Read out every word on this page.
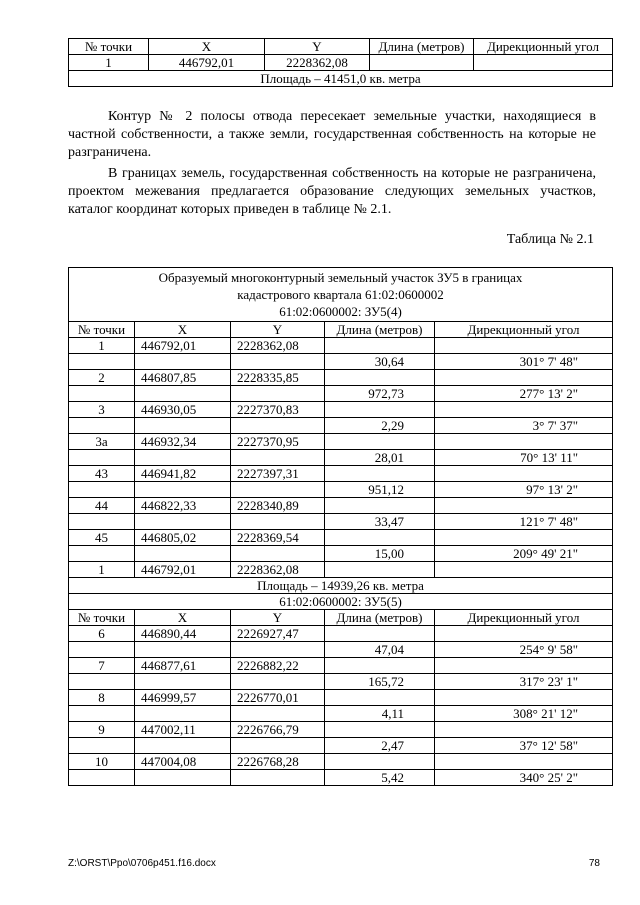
№ точки	X	Y	Длина (метров)	Дирекционный угол
1	446792,01	2228362,08		
Площадь – 41451,0 кв. метра				

Контур № 2 полосы отвода пересекает земельные участки, находящиеся в частной собственности, а также земли, государственная собственность на которые не разграничена.

В границах земель, государственная собственность на которые не разграничена, проектом межевания предлагается образование следующих земельных участков, каталог координат которых приведен в таблице № 2.1.

Таблица № 2.1

Образуемый многоконтурный земельный участок ЗУ5 в границах
кадастрового квартала 61:02:0600002
61:02:0600002: ЗУ5(4)				

№ точки	X	Y	Длина (метров)	Дирекционный угол
1	446792,01	2228362,08		
			30,64	301° 7' 48"
2	446807,85	2228335,85		
			972,73	277° 13' 2"
3	446930,05	2227370,83		
			2,29	3° 7' 37"
3а	446932,34	2227370,95		
			28,01	70° 13' 11"
43	446941,82	2227397,31		
			951,12	97° 13' 2"
44	446822,33	2228340,89		
			33,47	121° 7' 48"
45	446805,02	2228369,54		
			15,00	209° 49' 21"
1	446792,01	2228362,08		
Площадь – 14939,26 кв. метра				
61:02:0600002: ЗУ5(5)				
№ точки	X	Y	Длина (метров)	Дирекционный угол
6	446890,44	2226927,47		
			47,04	254° 9' 58"
7	446877,61	2226882,22		
			165,72	317° 23' 1"
8	446999,57	2226770,01		
			4,11	308° 21' 12"
9	447002,11	2226766,79		
			2,47	37° 12' 58"
10	447004,08	2226768,28		
			5,42	340° 25' 2"
Z:\ORST\Ppo\0706p451.f16.docx	78
